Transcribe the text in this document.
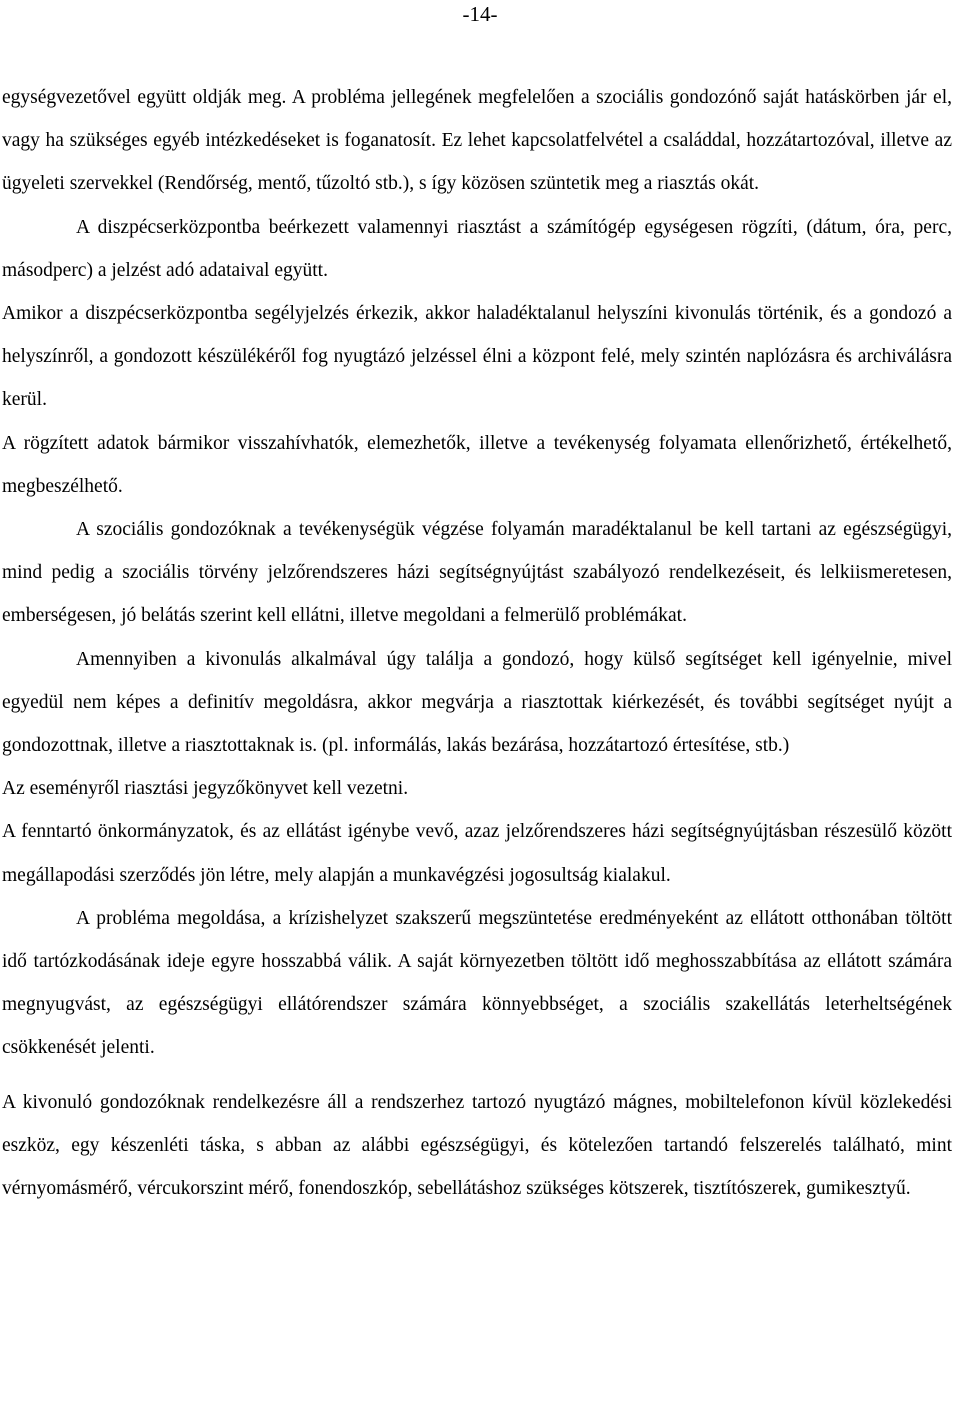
-14-

egységvezetővel együtt oldják meg. A probléma jellegének megfelelően a szociális gondozónő saját hatáskörben jár el, vagy ha szükséges egyéb intézkedéseket is foganatosít. Ez lehet kapcsolatfelvétel a családdal, hozzátartozóval, illetve az ügyeleti szervekkel (Rendőrség, mentő, tűzoltó stb.), s így közösen szüntetik meg a riasztás okát.

A diszpécserközpontba beérkezett valamennyi riasztást a számítógép egységesen rögzíti, (dátum, óra, perc, másodperc) a jelzést adó adataival együtt.

Amikor a diszpécserközpontba segélyjelzés érkezik, akkor haladéktalanul helyszíni kivonulás történik, és a gondozó a helyszínről, a gondozott készülékéről fog nyugtázó jelzéssel élni a központ felé, mely szintén naplózásra és archiválásra kerül.

A rögzített adatok bármikor visszahívhatók, elemezhetők, illetve a tevékenység folyamata ellenőrizhető, értékelhető, megbeszélhető.

A szociális gondozóknak a tevékenységük végzése folyamán maradéktalanul be kell tartani az egészségügyi, mind pedig a szociális törvény jelzőrendszeres házi segítségnyújtást szabályozó rendelkezéseit, és lelkiismeretesen, emberségesen, jó belátás szerint kell ellátni, illetve megoldani a felmerülő problémákat.

Amennyiben a kivonulás alkalmával úgy találja a gondozó, hogy külső segítséget kell igényelnie, mivel egyedül nem képes a definitív megoldásra, akkor megvárja a riasztottak kiérkezését, és további segítséget nyújt a gondozottnak, illetve a riasztottaknak is. (pl. informálás, lakás bezárása, hozzátartozó értesítése, stb.)

Az eseményről riasztási jegyzőkönyvet kell vezetni.

A fenntartó önkormányzatok, és az ellátást igénybe vevő, azaz jelzőrendszeres házi segítségnyújtásban részesülő között megállapodási szerződés jön létre, mely alapján a munkavégzési jogosultság kialakul.

A probléma megoldása, a krízishelyzet szakszerű megszüntetése eredményeként az ellátott otthonában töltött idő tartózkodásának ideje egyre hosszabbá válik. A saját környezetben töltött idő meghosszabbítása az ellátott számára megnyugvást, az egészségügyi ellátórendszer számára könnyebbséget, a szociális szakellátás leterheltségének csökkenését jelenti.

A kivonuló gondozóknak rendelkezésre áll a rendszerhez tartozó nyugtázó mágnes, mobiltelefonon kívül közlekedési eszköz, egy készenléti táska, s abban az alábbi egészségügyi, és kötelezően tartandó felszerelés található, mint vérnyomásmérő, vércukorszint mérő, fonendoszkóp, sebellátáshoz szükséges kötszerek, tisztítószerek, gumikesztyű.
